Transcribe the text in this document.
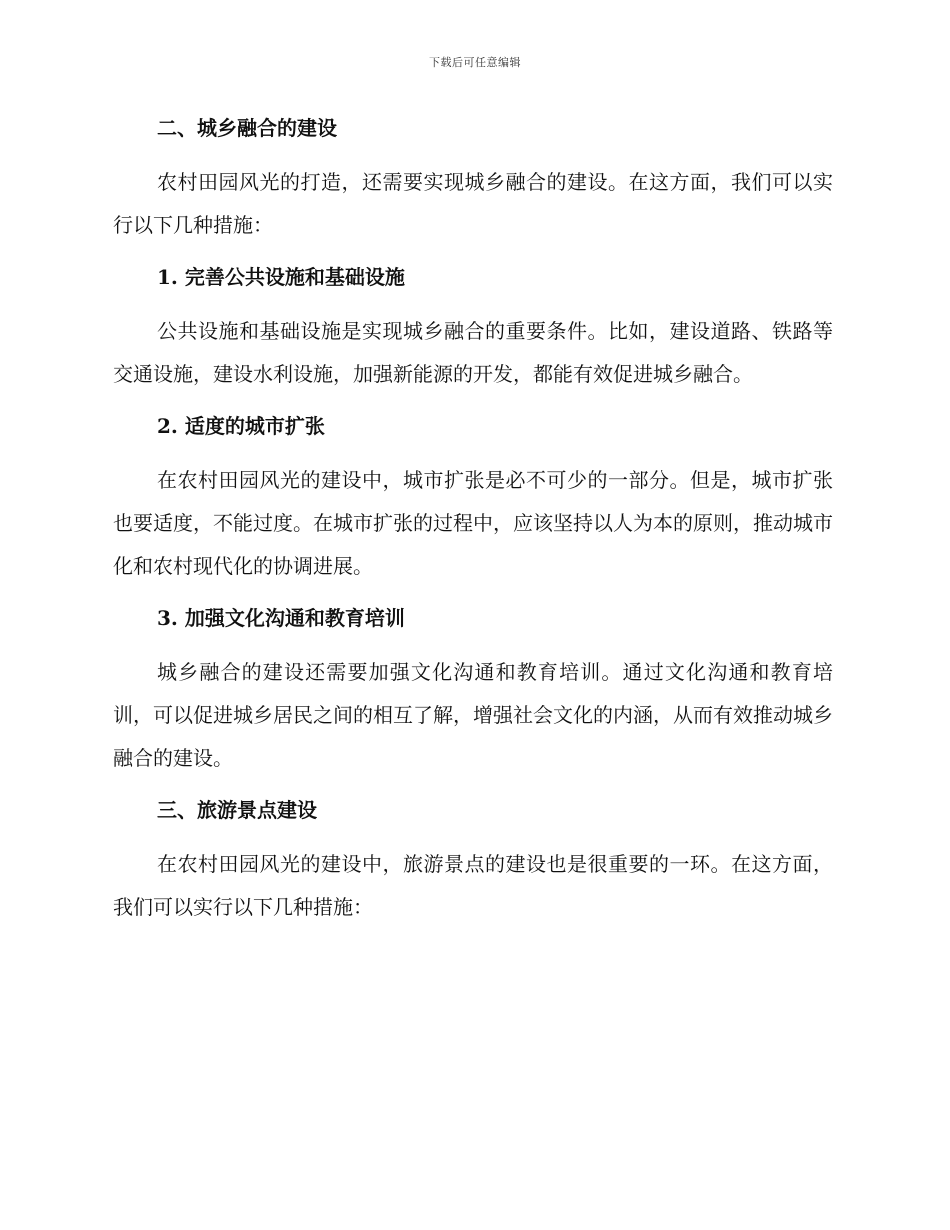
下载后可任意编辑
二、城乡融合的建设

农村田园风光的打造，还需要实现城乡融合的建设。在这方面，我们可以实行以下几种措施：

1. 完善公共设施和基础设施

公共设施和基础设施是实现城乡融合的重要条件。比如，建设道路、铁路等交通设施，建设水利设施，加强新能源的开发，都能有效促进城乡融合。

2. 适度的城市扩张

在农村田园风光的建设中，城市扩张是必不可少的一部分。但是，城市扩张也要适度，不能过度。在城市扩张的过程中，应该坚持以人为本的原则，推动城市化和农村现代化的协调进展。

3. 加强文化沟通和教育培训

城乡融合的建设还需要加强文化沟通和教育培训。通过文化沟通和教育培训，可以促进城乡居民之间的相互了解，增强社会文化的内涵，从而有效推动城乡融合的建设。

三、旅游景点建设

在农村田园风光的建设中，旅游景点的建设也是很重要的一环。在这方面，我们可以实行以下几种措施：
